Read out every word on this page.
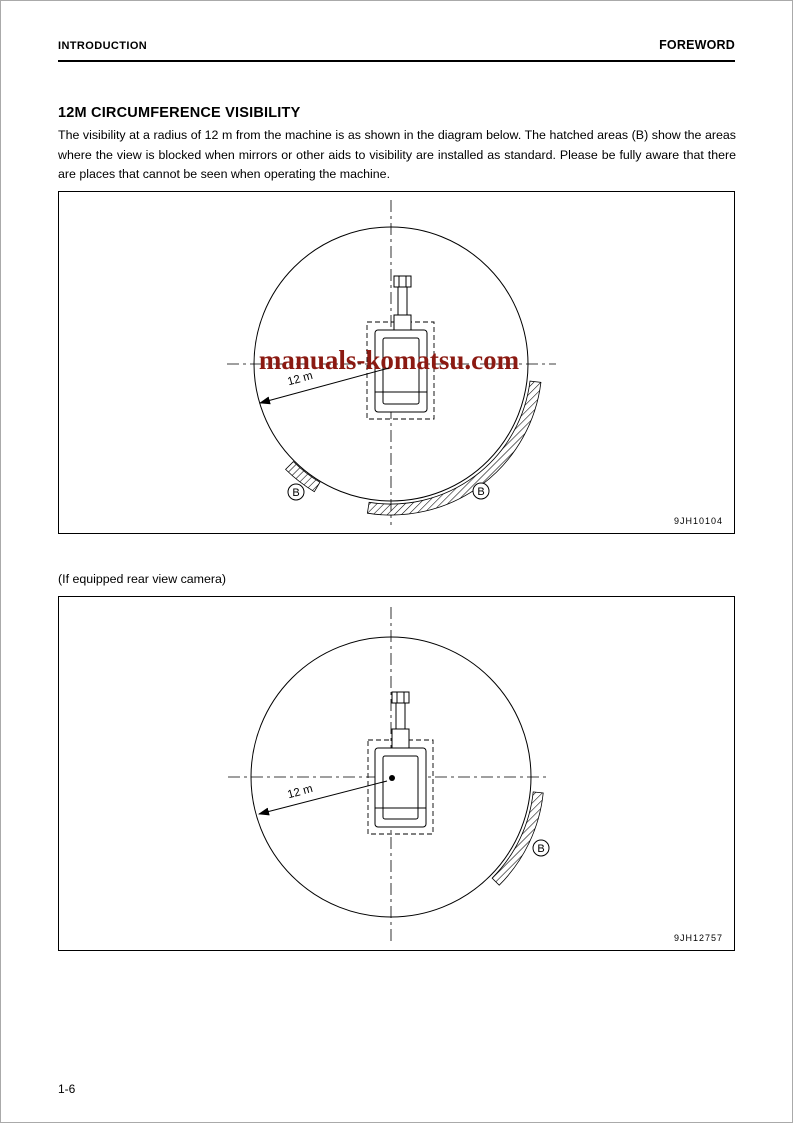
INTRODUCTION	FOREWORD
12M CIRCUMFERENCE VISIBILITY

The visibility at a radius of 12 m from the machine is as shown in the diagram below. The hatched areas (B) show the areas where the view is blocked when mirrors or other aids to visibility are installed as standard. Please be fully aware that there are places that cannot be seen when operating the machine.

manuals-komatsu.com
12 m
B	B
9JH10104

(If equipped rear view camera)

12 m
B
9JH12757
1-6
